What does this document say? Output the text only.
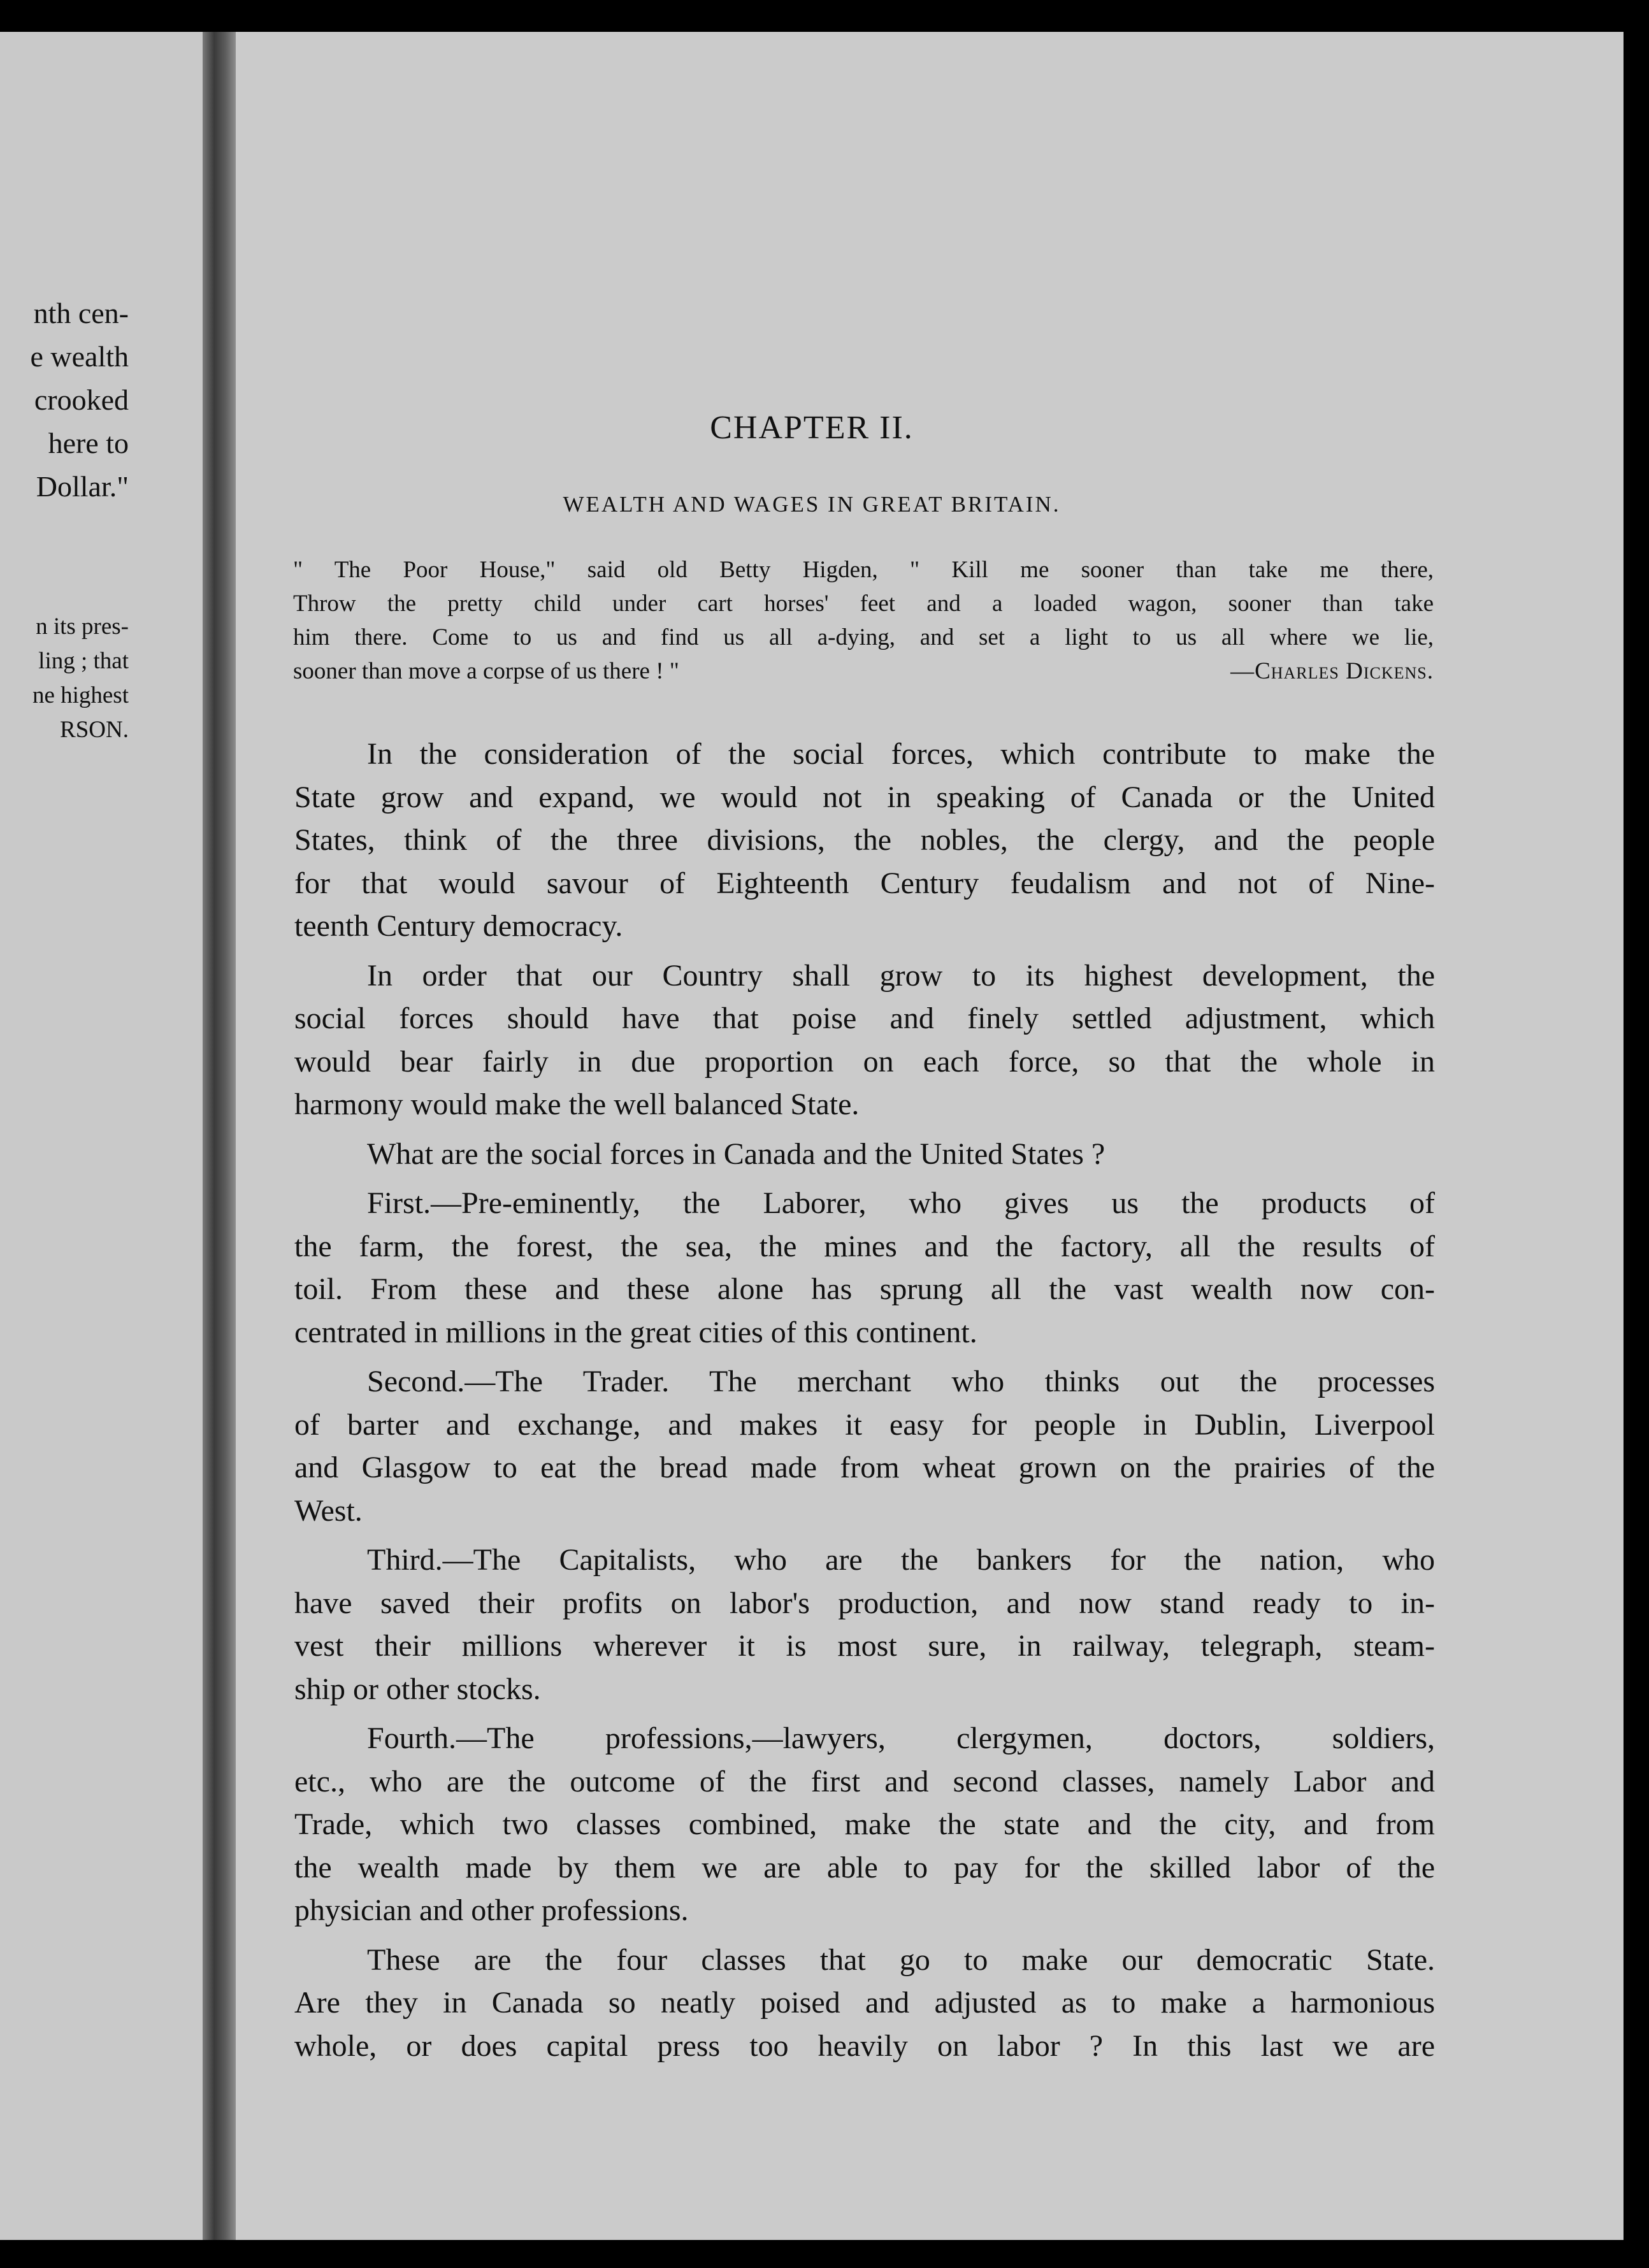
nth cen-
e wealth
crooked
here to
Dollar."
n its pres-
ling ; that
ne highest
RSON.
CHAPTER II.
WEALTH AND WAGES IN GREAT BRITAIN.
" The Poor House," said old Betty Higden, " Kill me sooner than take me there,
Throw the pretty child under cart horses' feet and a loaded wagon, sooner than take
him there. Come to us and find us all a-dying, and set a light to us all where we lie,
sooner than move a corpse of us there ! "	—Charles Dickens.

In the consideration of the social forces, which contribute to make the
State grow and expand, we would not in speaking of Canada or the United
States, think of the three divisions, the nobles, the clergy, and the people
for that would savour of Eighteenth Century feudalism and not of Nine-
teenth Century democracy.

In order that our Country shall grow to its highest development, the
social forces should have that poise and finely settled adjustment, which
would bear fairly in due proportion on each force, so that the whole in
harmony would make the well balanced State.

What are the social forces in Canada and the United States ?

First.—Pre-eminently, the Laborer, who gives us the products of
the farm, the forest, the sea, the mines and the factory, all the results of
toil. From these and these alone has sprung all the vast wealth now con-
centrated in millions in the great cities of this continent.

Second.—The Trader. The merchant who thinks out the processes
of barter and exchange, and makes it easy for people in Dublin, Liverpool
and Glasgow to eat the bread made from wheat grown on the prairies of the
West.

Third.—The Capitalists, who are the bankers for the nation, who
have saved their profits on labor's production, and now stand ready to in-
vest their millions wherever it is most sure, in railway, telegraph, steam-
ship or other stocks.

Fourth.—The professions,—lawyers, clergymen, doctors, soldiers,
etc., who are the outcome of the first and second classes, namely Labor and
Trade, which two classes combined, make the state and the city, and from
the wealth made by them we are able to pay for the skilled labor of the
physician and other professions.

These are the four classes that go to make our democratic State.
Are they in Canada so neatly poised and adjusted as to make a harmonious
whole, or does capital press too heavily on labor ? In this last we are
